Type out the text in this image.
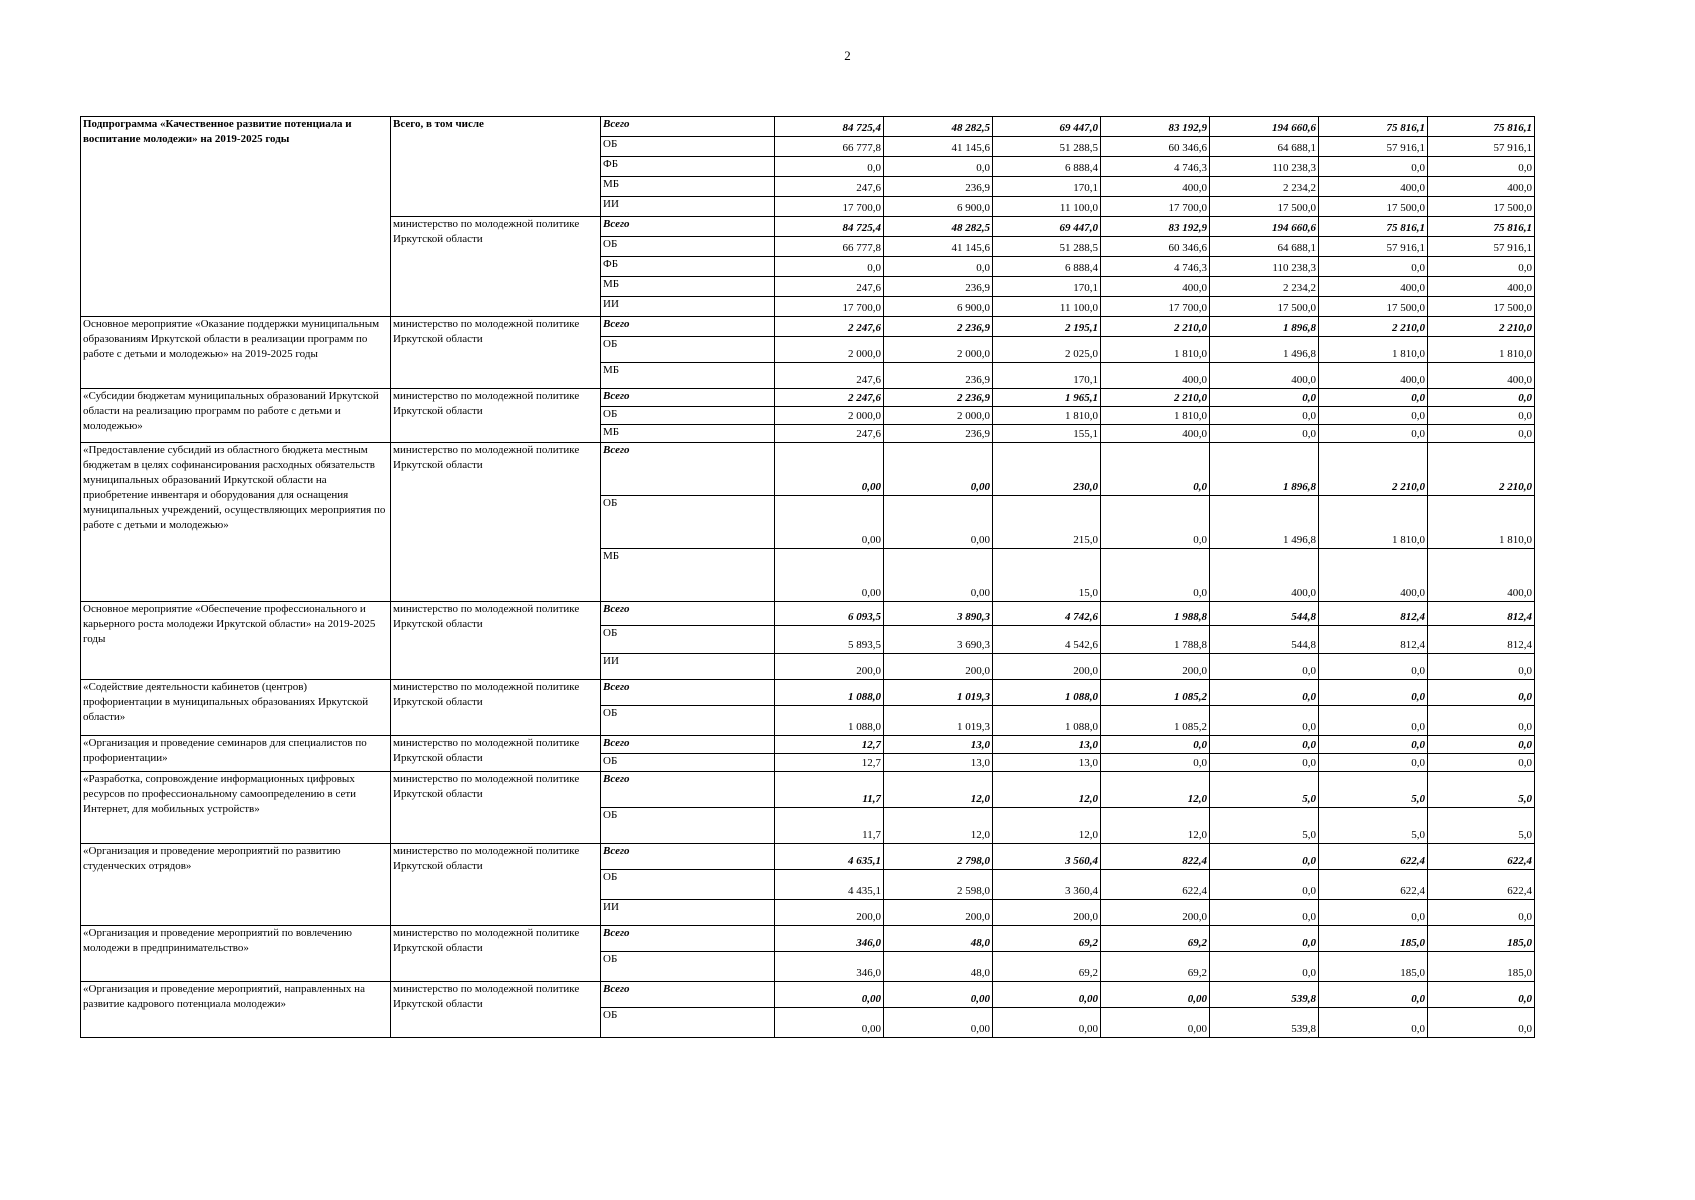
2
Подпрограмма «Качественное развитие потенциала и воспитание молодежи» на 2019-2025 годы	Всего, в том числе	Всего	84 725,4	48 282,5	69 447,0	83 192,9	194 660,6	75 816,1	75 816,1
		ОБ	66 777,8	41 145,6	51 288,5	60 346,6	64 688,1	57 916,1	57 916,1
		ФБ	0,0	0,0	6 888,4	4 746,3	110 238,3	0,0	0,0
		МБ	247,6	236,9	170,1	400,0	2 234,2	400,0	400,0
		ИИ	17 700,0	6 900,0	11 100,0	17 700,0	17 500,0	17 500,0	17 500,0
	министерство по молодежной политике Иркутской области	Всего	84 725,4	48 282,5	69 447,0	83 192,9	194 660,6	75 816,1	75 816,1
		ОБ	66 777,8	41 145,6	51 288,5	60 346,6	64 688,1	57 916,1	57 916,1
		ФБ	0,0	0,0	6 888,4	4 746,3	110 238,3	0,0	0,0
		МБ	247,6	236,9	170,1	400,0	2 234,2	400,0	400,0
		ИИ	17 700,0	6 900,0	11 100,0	17 700,0	17 500,0	17 500,0	17 500,0
Основное мероприятие «Оказание поддержки муниципальным образованиям Иркутской области в реализации программ по работе с детьми и молодежью» на 2019-2025 годы	министерство по молодежной политике Иркутской области	Всего	2 247,6	2 236,9	2 195,1	2 210,0	1 896,8	2 210,0	2 210,0
		ОБ	2 000,0	2 000,0	2 025,0	1 810,0	1 496,8	1 810,0	1 810,0
		МБ	247,6	236,9	170,1	400,0	400,0	400,0	400,0
«Субсидии бюджетам муниципальных образований Иркутской области на реализацию программ по работе с детьми и молодежью»	министерство по молодежной политике Иркутской области	Всего	2 247,6	2 236,9	1 965,1	2 210,0	0,0	0,0	0,0
		ОБ	2 000,0	2 000,0	1 810,0	1 810,0	0,0	0,0	0,0
		МБ	247,6	236,9	155,1	400,0	0,0	0,0	0,0
«Предоставление субсидий из областного бюджета местным бюджетам в целях софинансирования расходных обязательств муниципальных образований Иркутской области на приобретение инвентаря и оборудования для оснащения муниципальных учреждений, осуществляющих мероприятия по работе с детьми и молодежью»	министерство по молодежной политике Иркутской области	Всего	0,00	0,00	230,0	0,0	1 896,8	2 210,0	2 210,0
		ОБ	0,00	0,00	215,0	0,0	1 496,8	1 810,0	1 810,0
		МБ	0,00	0,00	15,0	0,0	400,0	400,0	400,0
Основное мероприятие «Обеспечение профессионального и карьерного роста молодежи Иркутской области» на 2019-2025 годы	министерство по молодежной политике Иркутской области	Всего	6 093,5	3 890,3	4 742,6	1 988,8	544,8	812,4	812,4
		ОБ	5 893,5	3 690,3	4 542,6	1 788,8	544,8	812,4	812,4
		ИИ	200,0	200,0	200,0	200,0	0,0	0,0	0,0
«Содействие деятельности кабинетов (центров) профориентации в муниципальных образованиях Иркутской области»	министерство по молодежной политике Иркутской области	Всего	1 088,0	1 019,3	1 088,0	1 085,2	0,0	0,0	0,0
		ОБ	1 088,0	1 019,3	1 088,0	1 085,2	0,0	0,0	0,0
«Организация и проведение семинаров для специалистов по профориентации»	министерство по молодежной политике Иркутской области	Всего	12,7	13,0	13,0	0,0	0,0	0,0	0,0
		ОБ	12,7	13,0	13,0	0,0	0,0	0,0	0,0
«Разработка, сопровождение информационных цифровых ресурсов по профессиональному самоопределению в сети Интернет, для мобильных устройств»	министерство по молодежной политике Иркутской области	Всего	11,7	12,0	12,0	12,0	5,0	5,0	5,0
		ОБ	11,7	12,0	12,0	12,0	5,0	5,0	5,0
«Организация и проведение мероприятий по развитию студенческих отрядов»	министерство по молодежной политике Иркутской области	Всего	4 635,1	2 798,0	3 560,4	822,4	0,0	622,4	622,4
		ОБ	4 435,1	2 598,0	3 360,4	622,4	0,0	622,4	622,4
		ИИ	200,0	200,0	200,0	200,0	0,0	0,0	0,0
«Организация и проведение мероприятий по вовлечению молодежи в предпринимательство»	министерство по молодежной политике Иркутской области	Всего	346,0	48,0	69,2	69,2	0,0	185,0	185,0
		ОБ	346,0	48,0	69,2	69,2	0,0	185,0	185,0
«Организация и проведение мероприятий, направленных на развитие кадрового потенциала молодежи»	министерство по молодежной политике Иркутской области	Всего	0,00	0,00	0,00	0,00	539,8	0,0	0,0
		ОБ	0,00	0,00	0,00	0,00	539,8	0,0	0,0
